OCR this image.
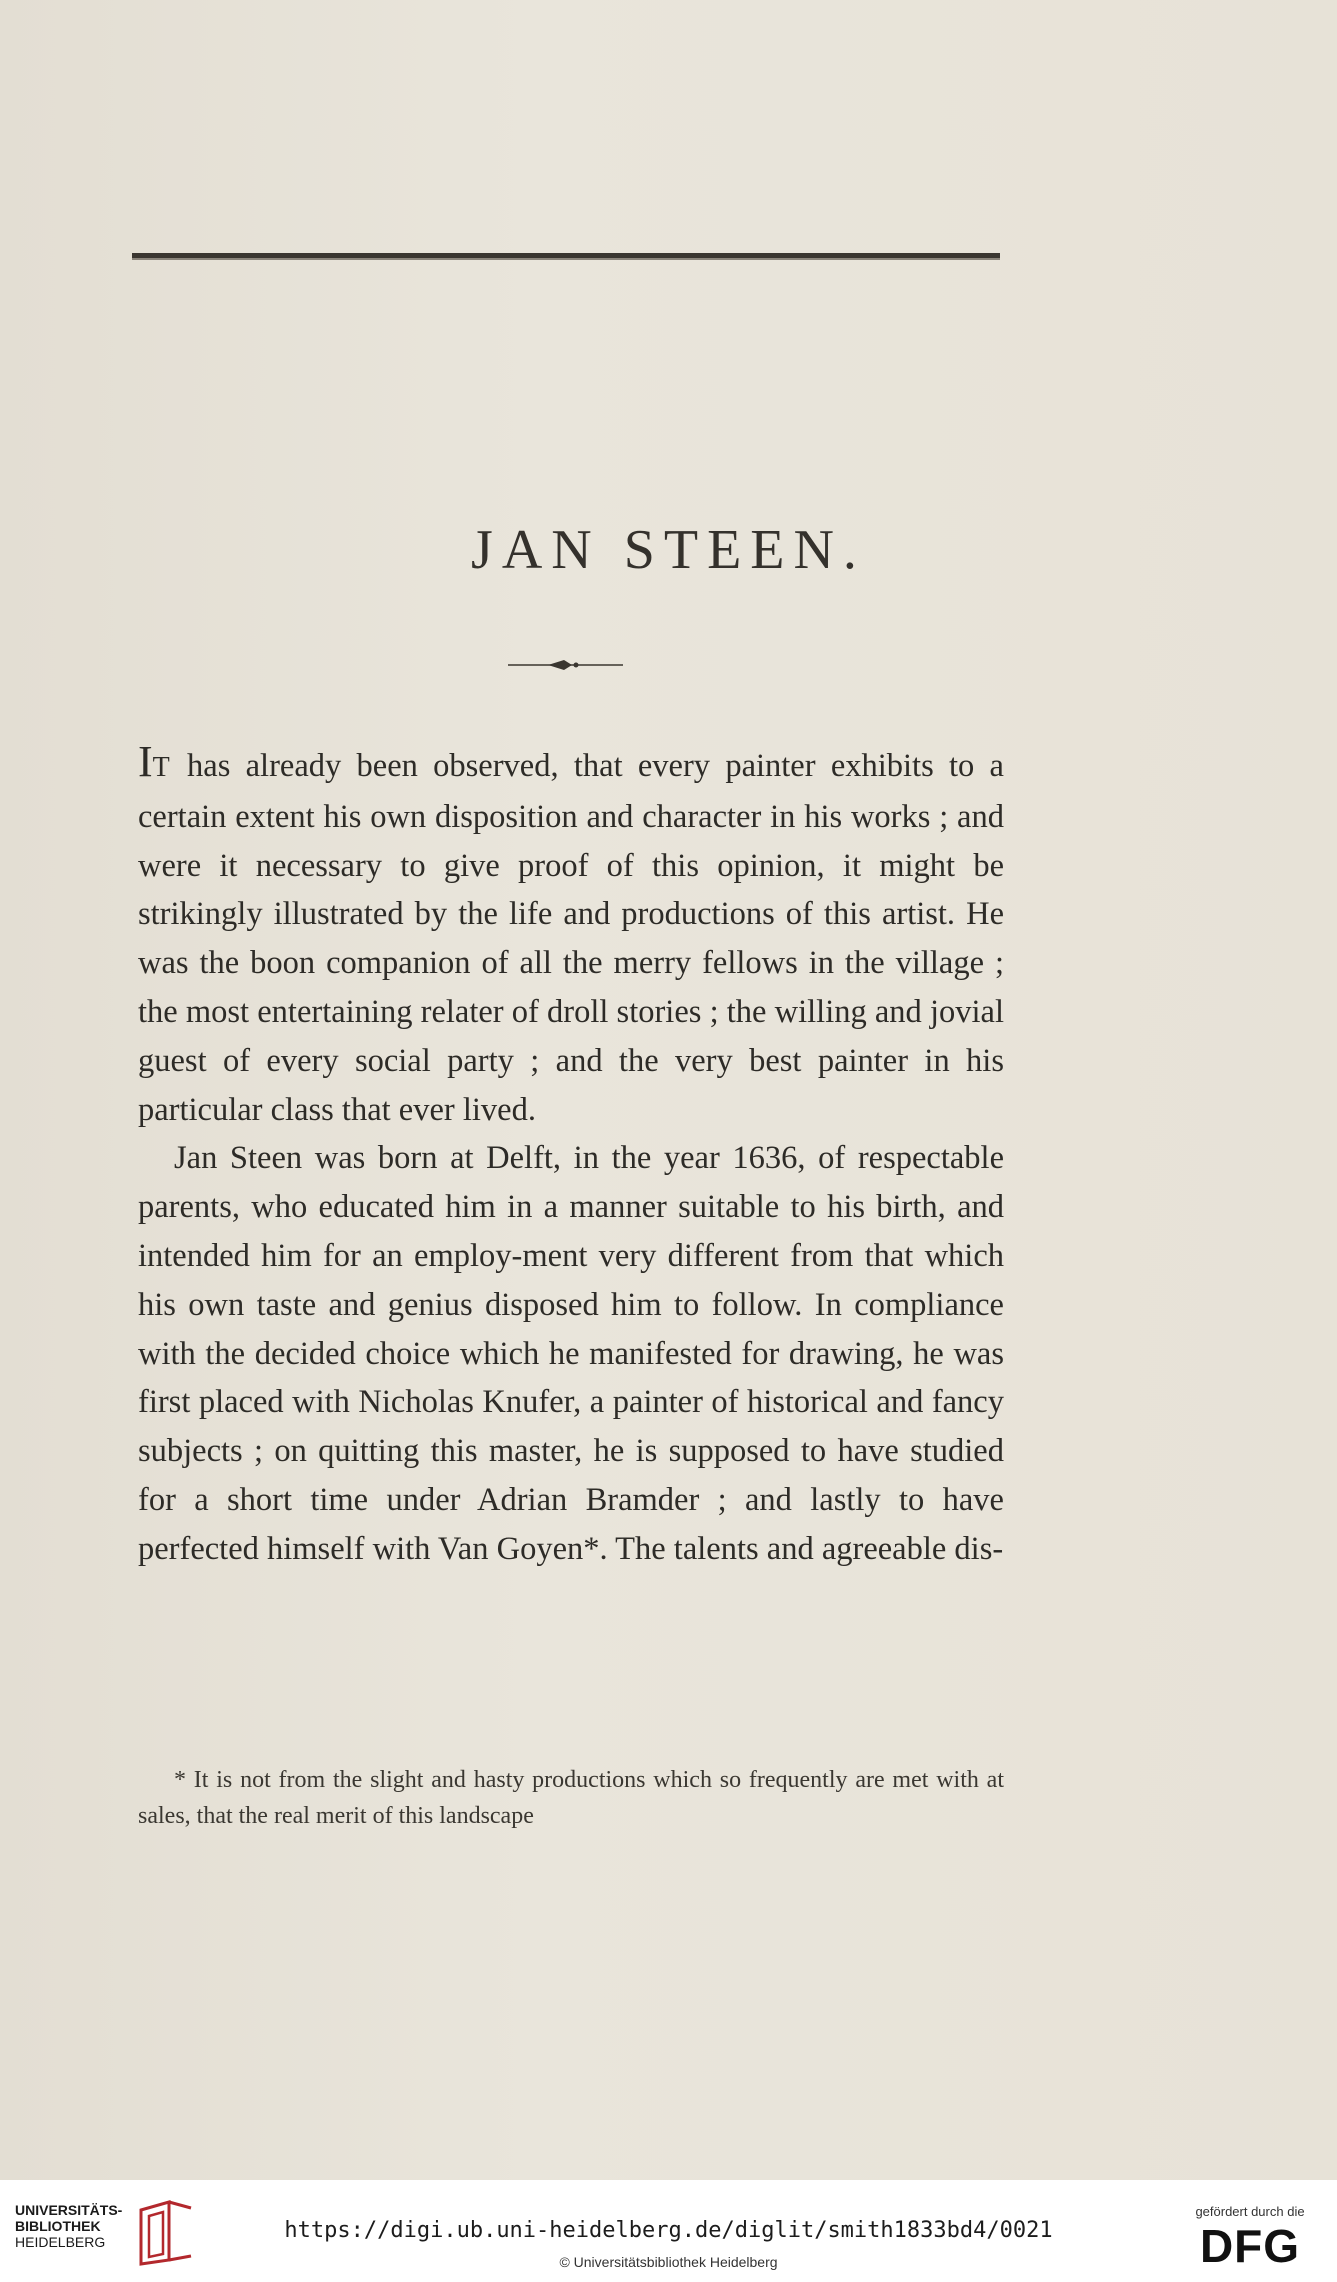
JAN STEEN.

IT has already been observed, that every painter exhibits to a certain extent his own disposition and character in his works ; and were it necessary to give proof of this opinion, it might be strikingly illustrated by the life and productions of this artist. He was the boon companion of all the merry fellows in the village ; the most entertaining relater of droll stories ; the willing and jovial guest of every social party ; and the very best painter in his particular class that ever lived.

Jan Steen was born at Delft, in the year 1636, of respectable parents, who educated him in a manner suitable to his birth, and intended him for an employ-ment very different from that which his own taste and genius disposed him to follow. In compliance with the decided choice which he manifested for drawing, he was first placed with Nicholas Knufer, a painter of historical and fancy subjects ; on quitting this master, he is supposed to have studied for a short time under Adrian Bramder ; and lastly to have perfected himself with Van Goyen*. The talents and agreeable dis-

* It is not from the slight and hasty productions which so frequently are met with at sales, that the real merit of this landscape

UNIVERSITÄTS-
BIBLIOTHEK
HEIDELBERG	https://digi.ub.uni-heidelberg.de/diglit/smith1833bd4/0021

© Universitätsbibliothek Heidelberg

gefördert durch die
DFG
